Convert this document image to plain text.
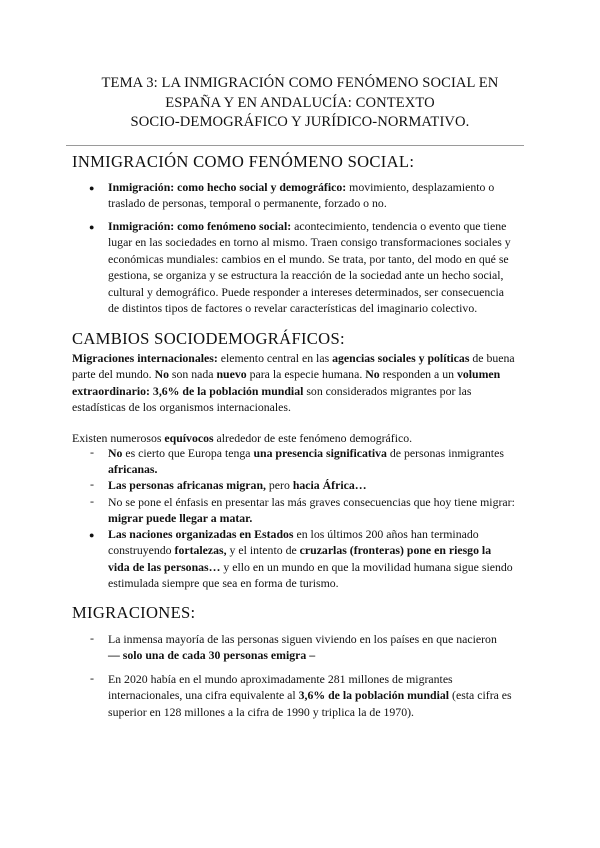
TEMA 3: LA INMIGRACIÓN COMO FENÓMENO SOCIAL EN
ESPAÑA Y EN ANDALUCÍA: CONTEXTO
SOCIO-DEMOGRÁFICO Y JURÍDICO-NORMATIVO.
INMIGRACIÓN COMO FENÓMENO SOCIAL:
● Inmigración: como hecho social y demográfico: movimiento, desplazamiento o
traslado de personas, temporal o permanente, forzado o no.
● Inmigración: como fenómeno social: acontecimiento, tendencia o evento que tiene
lugar en las sociedades en torno al mismo. Traen consigo transformaciones sociales y
económicas mundiales: cambios en el mundo. Se trata, por tanto, del modo en qué se
gestiona, se organiza y se estructura la reacción de la sociedad ante un hecho social,
cultural y demográfico. Puede responder a intereses determinados, ser consecuencia
de distintos tipos de factores o revelar características del imaginario colectivo.
CAMBIOS SOCIODEMOGRÁFICOS:
Migraciones internacionales: elemento central en las agencias sociales y políticas de buena
parte del mundo. No son nada nuevo para la especie humana. No responden a un volumen
extraordinario: 3,6% de la población mundial son considerados migrantes por las
estadísticas de los organismos internacionales.
Existen numerosos equívocos alrededor de este fenómeno demográfico.
- No es cierto que Europa tenga una presencia significativa de personas inmigrantes
africanas.
- Las personas africanas migran, pero hacia África…
- No se pone el énfasis en presentar las más graves consecuencias que hoy tiene migrar:
migrar puede llegar a matar.
● Las naciones organizadas en Estados en los últimos 200 años han terminado
construyendo fortalezas, y el intento de cruzarlas (fronteras) pone en riesgo la
vida de las personas… y ello en un mundo en que la movilidad humana sigue siendo
estimulada siempre que sea en forma de turismo.
MIGRACIONES:
- La inmensa mayoría de las personas siguen viviendo en los países en que nacieron
— solo una de cada 30 personas emigra –
- En 2020 había en el mundo aproximadamente 281 millones de migrantes
internacionales, una cifra equivalente al 3,6% de la población mundial (esta cifra es
superior en 128 millones a la cifra de 1990 y triplica la de 1970).
